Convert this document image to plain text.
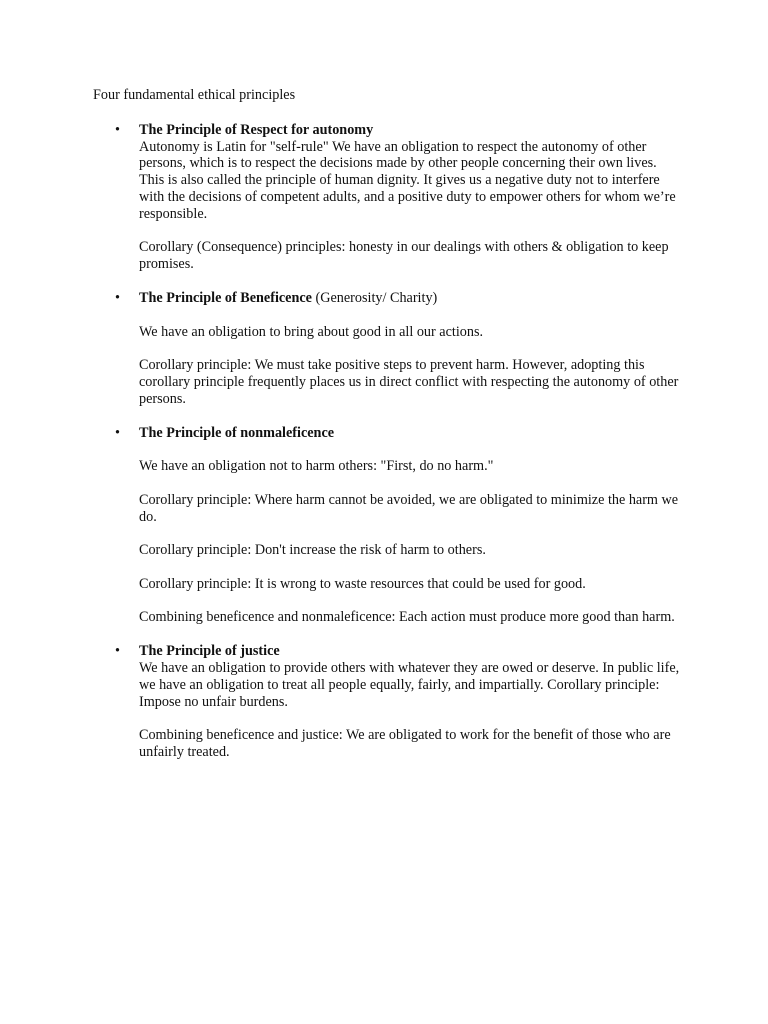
Four fundamental ethical principles
• The Principle of Respect for autonomy

Autonomy is Latin for "self-rule" We have an obligation to respect the autonomy of other persons, which is to respect the decisions made by other people concerning their own lives. This is also called the principle of human dignity. It gives us a negative duty not to interfere with the decisions of competent adults, and a positive duty to empower others for whom we’re responsible.

Corollary (Consequence) principles: honesty in our dealings with others & obligation to keep promises.

• The Principle of Beneficence (Generosity/ Charity)

We have an obligation to bring about good in all our actions.

Corollary principle: We must take positive steps to prevent harm. However, adopting this corollary principle frequently places us in direct conflict with respecting the autonomy of other persons.

• The Principle of nonmaleficence

We have an obligation not to harm others: "First, do no harm."

Corollary principle: Where harm cannot be avoided, we are obligated to minimize the harm we do.

Corollary principle: Don't increase the risk of harm to others.

Corollary principle: It is wrong to waste resources that could be used for good.

Combining beneficence and nonmaleficence: Each action must produce more good than harm.

• The Principle of justice

We have an obligation to provide others with whatever they are owed or deserve. In public life, we have an obligation to treat all people equally, fairly, and impartially. Corollary principle: Impose no unfair burdens.

Combining beneficence and justice: We are obligated to work for the benefit of those who are unfairly treated.
